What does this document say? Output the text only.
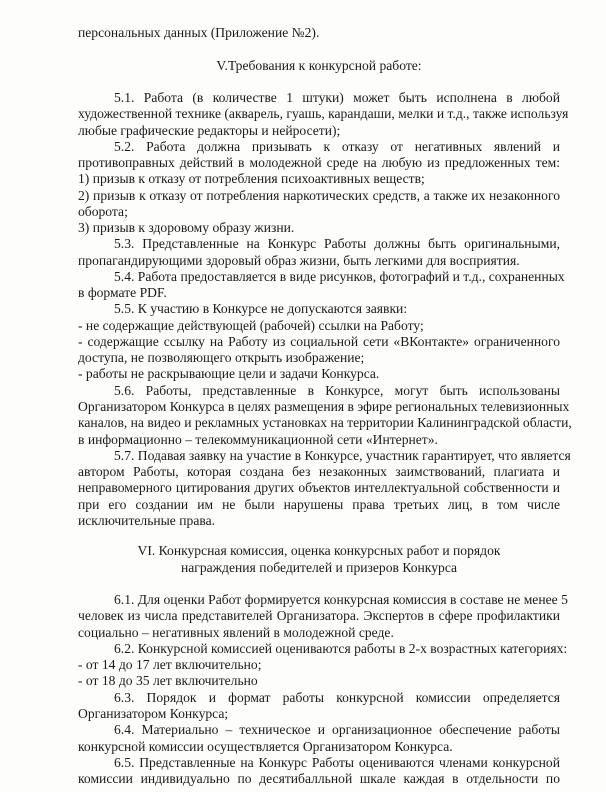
персональных данных (Приложение №2).

V.Требования к конкурсной работе:

5.1. Работа (в количестве 1 штуки) может быть исполнена в любой

художественной технике (акварель, гуашь, карандаши, мелки и т.д., также используя

любые графические редакторы и нейросети);

5.2. Работа должна призывать к отказу от негативных явлений и

противоправных действий в молодежной среде на любую из предложенных тем:

1) призыв к отказу от потребления психоактивных веществ;

2) призыв к отказу от потребления наркотических средств, а также их незаконного

оборота;

3) призыв к здоровому образу жизни.

5.3. Представленные на Конкурс Работы должны быть оригинальными,

пропагандирующими здоровый образ жизни, быть легкими для восприятия.

5.4. Работа предоставляется в виде рисунков, фотографий и т.д., сохраненных

в формате PDF.

5.5. К участию в Конкурсе не допускаются заявки:

- не содержащие действующей (рабочей) ссылки на Работу;

- содержащие ссылку на Работу из социальной сети «ВКонтакте» ограниченного

доступа, не позволяющего открыть изображение;

- работы не раскрывающие цели и задачи Конкурса.

5.6. Работы, представленные в Конкурсе, могут быть использованы

Организатором Конкурса в целях размещения в эфире региональных телевизионных

каналов, на видео и рекламных установках на территории Калининградской области,

в информационно – телекоммуникационной сети «Интернет».

5.7. Подавая заявку на участие в Конкурсе, участник гарантирует, что является

автором Работы, которая создана без незаконных заимствований, плагиата и

неправомерного цитирования других объектов интеллектуальной собственности и

при его создании им не были нарушены права третьих лиц, в том числе

исключительные права.

VI. Конкурсная комиссия, оценка конкурсных работ и порядок

награждения победителей и призеров Конкурса

6.1. Для оценки Работ формируется конкурсная комиссия в составе не менее 5

человек из числа представителей Организатора. Экспертов в сфере профилактики

социально – негативных явлений в молодежной среде.

6.2. Конкурсной комиссией оцениваются работы в 2-х возрастных категориях:

- от 14 до 17 лет включительно;

- от 18 до 35 лет включительно

6.3. Порядок и формат работы конкурсной комиссии определяется

Организатором Конкурса;

6.4. Материально – техническое и организационное обеспечение работы

конкурсной комиссии осуществляется Организатором Конкурса.

6.5. Представленные на Конкурс Работы оцениваются членами конкурсной

комиссии индивидуально по десятибалльной шкале каждая в отдельности по
